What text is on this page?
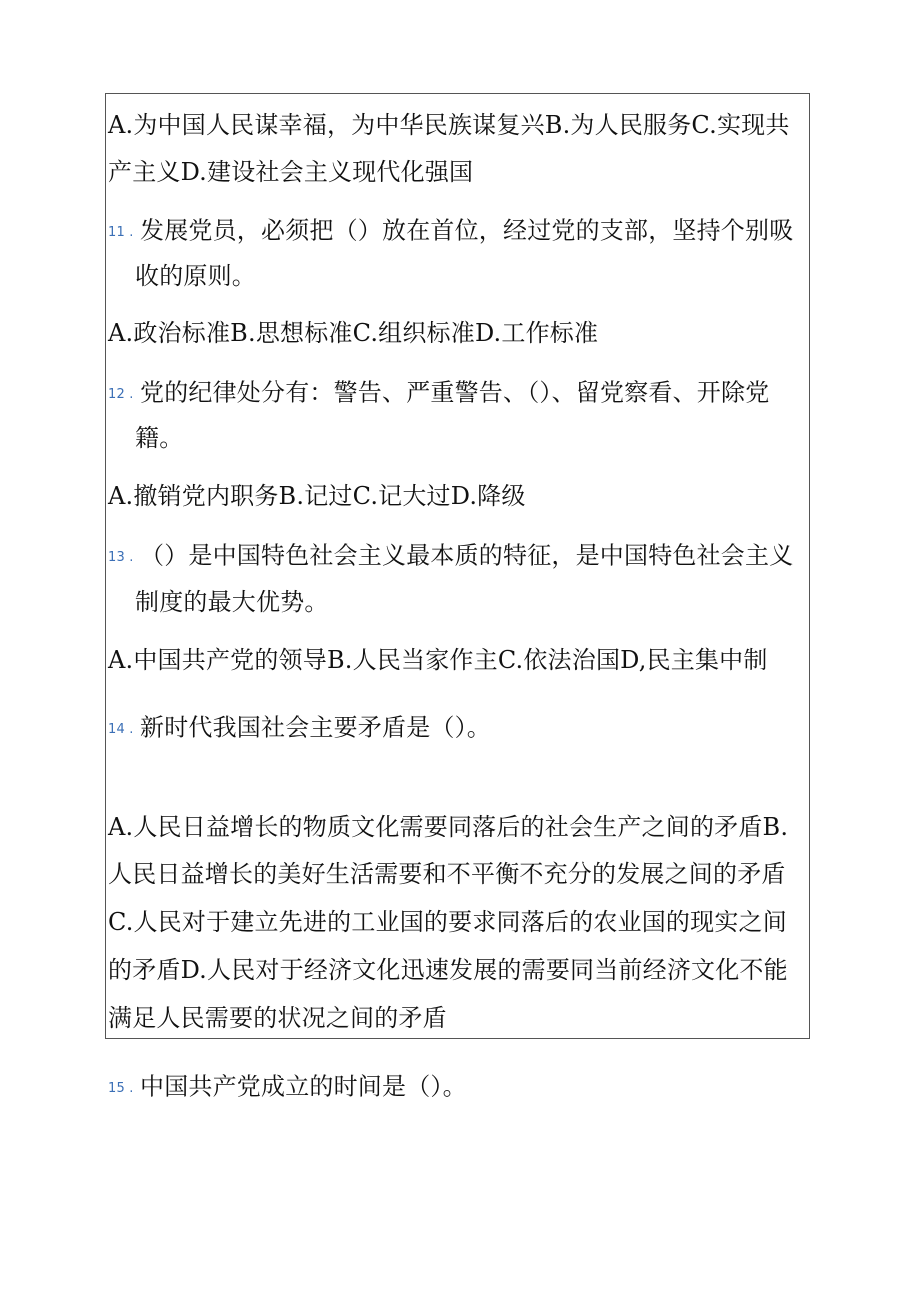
A.为中国人民谋幸福，为中华民族谋复兴B.为人民服务C.实现共
产主义D.建设社会主义现代化强国
11 . 发展党员，必须把（）放在首位，经过党的支部，坚持个别吸
收的原则。
A.政治标准B.思想标准C.组织标准D.工作标准
12 . 党的纪律处分有：警告、严重警告、（）、留党察看、开除党
籍。
A.撤销党内职务B.记过C.记大过D.降级
13 . （）是中国特色社会主义最本质的特征，是中国特色社会主义
制度的最大优势。
A.中国共产党的领导B.人民当家作主C.依法治国D,民主集中制
14 . 新时代我国社会主要矛盾是（）。
A.人民日益增长的物质文化需要同落后的社会生产之间的矛盾B.
人民日益增长的美好生活需要和不平衡不充分的发展之间的矛盾
C.人民对于建立先进的工业国的要求同落后的农业国的现实之间
的矛盾D.人民对于经济文化迅速发展的需要同当前经济文化不能
满足人民需要的状况之间的矛盾
15 . 中国共产党成立的时间是（）。
